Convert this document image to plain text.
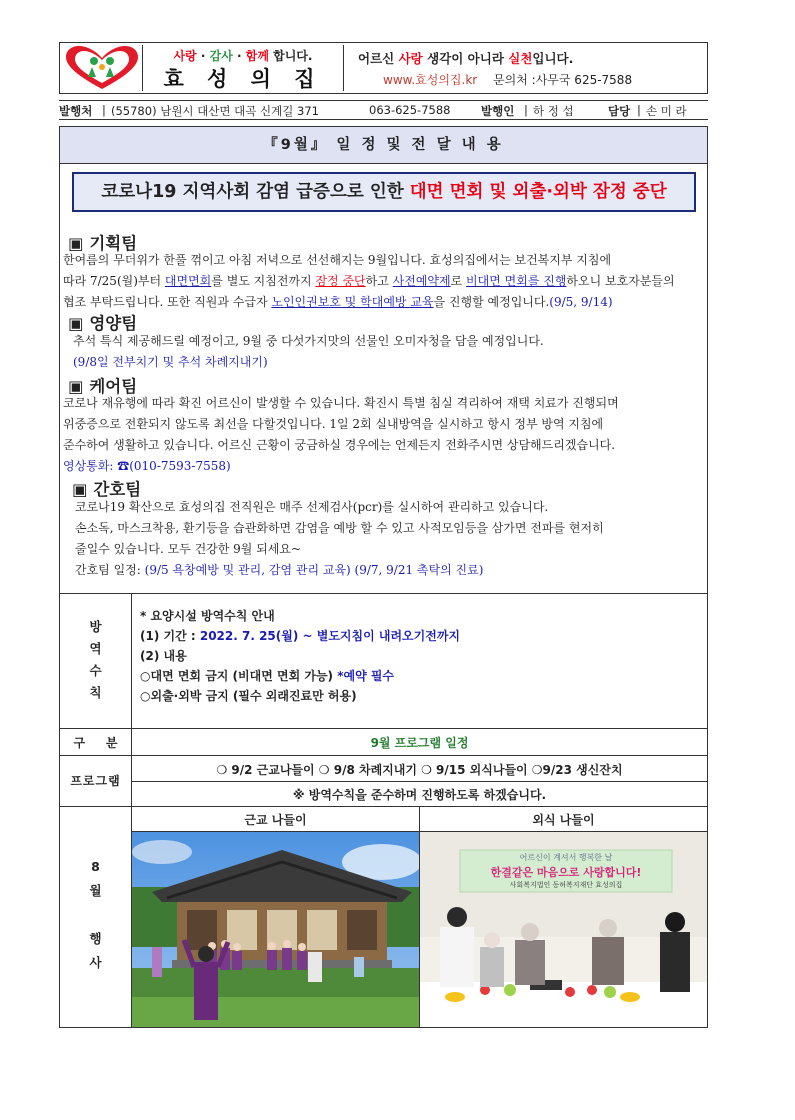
사랑 · 감사 · 함께 합니다.
효 성 의 집
어르신 사랑 생각이 아니라 실천입니다.
www.효성의집.kr 문의처 :사무국 625-7588
발행처 | (55780) 남원시 대산면 대곡 신계길 371	063-625-7588	발행인 | 하 정 섭	담당 | 손 미 라
『9월』 일 정 및 전 달 내 용
코로나19 지역사회 감염 급증으로 인한 대면 면회 및 외출·외박 잠정 중단
▣ 기획팀
한여름의 무더위가 한풀 꺾이고 아침 저녁으로 선선해지는 9월입니다. 효성의집에서는 보건복지부 지침에
따라 7/25(월)부터 대면면회를 별도 지침전까지 잠정 중단하고 사전예약제로 비대면 면회를 진행하오니 보호자분들의
협조 부탁드립니다. 또한 직원과 수급자 노인인권보호 및 학대예방 교육을 진행할 예정입니다.(9/5, 9/14)
▣ 영양팀
추석 특식 제공해드릴 예정이고, 9월 중 다섯가지맛의 선물인 오미자청을 담을 예정입니다.
(9/8일 전부치기 및 추석 차례지내기)
▣ 케어팀
코로나 재유행에 따라 확진 어르신이 발생할 수 있습니다. 확진시 특별 침실 격리하여 재택 치료가 진행되며
위중증으로 전환되지 않도록 최선을 다할것입니다. 1일 2회 실내방역을 실시하고 항시 정부 방역 지침에
준수하여 생활하고 있습니다. 어르신 근황이 궁금하실 경우에는 언제든지 전화주시면 상담해드리겠습니다.
영상통화: ☎(010-7593-7558)
▣ 간호팀
코로나19 확산으로 효성의집 전직원은 매주 선제검사(pcr)를 실시하여 관리하고 있습니다.
손소독, 마스크착용, 환기등을 습관화하면 감염을 예방 할 수 있고 사적모임등을 삼가면 전파를 현저히
줄일수 있습니다. 모두 건강한 9월 되세요~
간호팀 일정: (9/5 욕창예방 및 관리, 감염 관리 교육) (9/7, 9/21 촉탁의 진료)
방
역
수
칙
* 요양시설 방역수칙 안내
(1) 기간 : 2022. 7. 25(월) ~ 별도지침이 내려오기전까지
(2) 내용
○대면 면회 금지 (비대면 면회 가능) *예약 필수
○외출·외박 금지 (필수 외래진료만 허용)
구     분	9월 프로그램 일정
프로그램
❍ 9/2 근교나들이 ❍ 9/8 차례지내기 ❍ 9/15 외식나들이 ❍9/23 생신잔치
※ 방역수칙을 준수하며 진행하도록 하겠습니다.
8
월
행
사
근교 나들이	외식 나들이
어르신이 계셔서 행복한 날
한결같은 마음으로 사랑합니다!
사회복지법인 동허복지재단 효성의집
